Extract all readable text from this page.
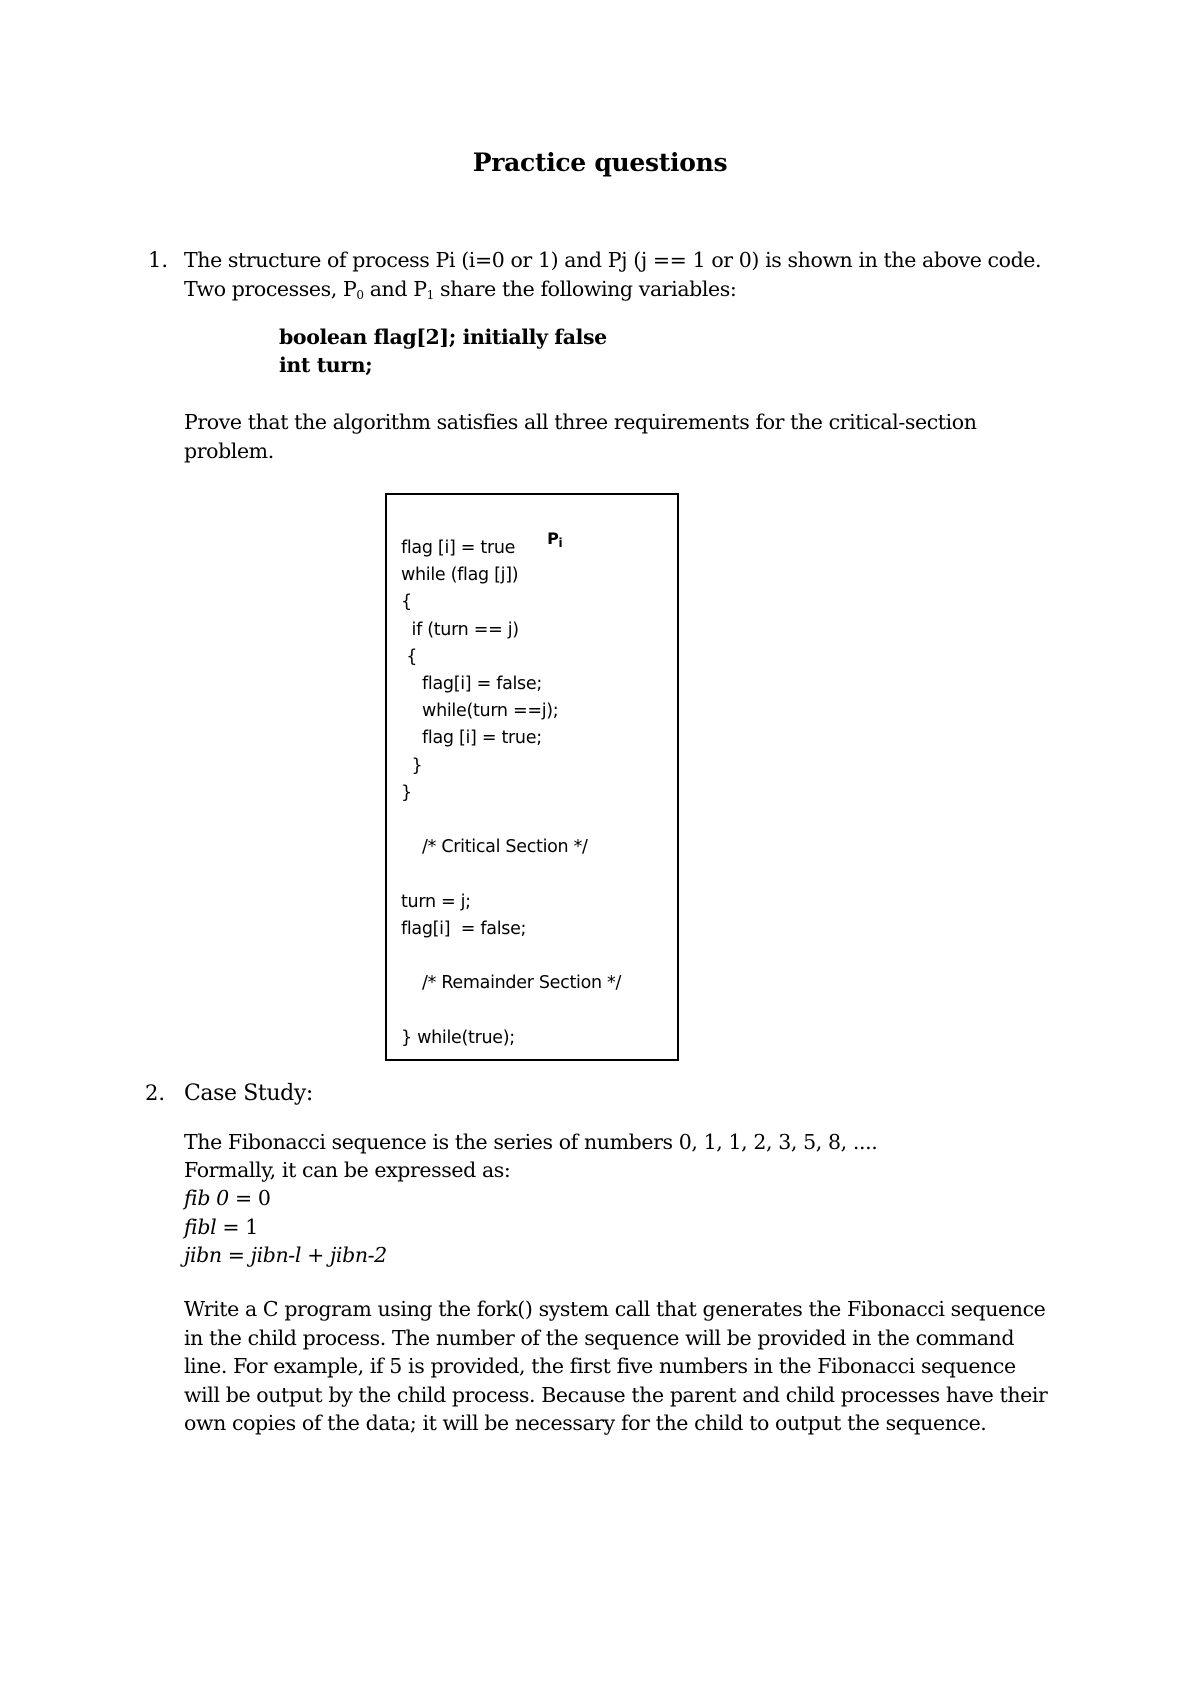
Practice questions
1. The structure of process Pi (i=0 or 1) and Pj (j == 1 or 0) is shown in the above code.
Two processes, $P_0$ and $P_1$ share the following variables:
boolean flag[2]; initially false
int turn;
Prove that the algorithm satisfies all three requirements for the critical-section
problem.

$P_i$

flag [i] = true
while (flag [j])
{
if (turn == j)
{
flag[i] = false;
while(turn ==j);
flag [i] = true;
}
}
/* Critical Section */
turn = j;
flag[i]  = false;
/* Remainder Section */
} while(true);
2. Case Study:
The Fibonacci sequence is the series of numbers 0, 1, 1, 2, 3, 5, 8, ....
Formally, it can be expressed as:
fib 0 = 0
fibl = 1
jibn = jibn-l + jibn-2
Write a C program using the fork() system call that generates the Fibonacci sequence
in the child process. The number of the sequence will be provided in the command
line. For example, if 5 is provided, the first five numbers in the Fibonacci sequence
will be output by the child process. Because the parent and child processes have their
own copies of the data; it will be necessary for the child to output the sequence.
